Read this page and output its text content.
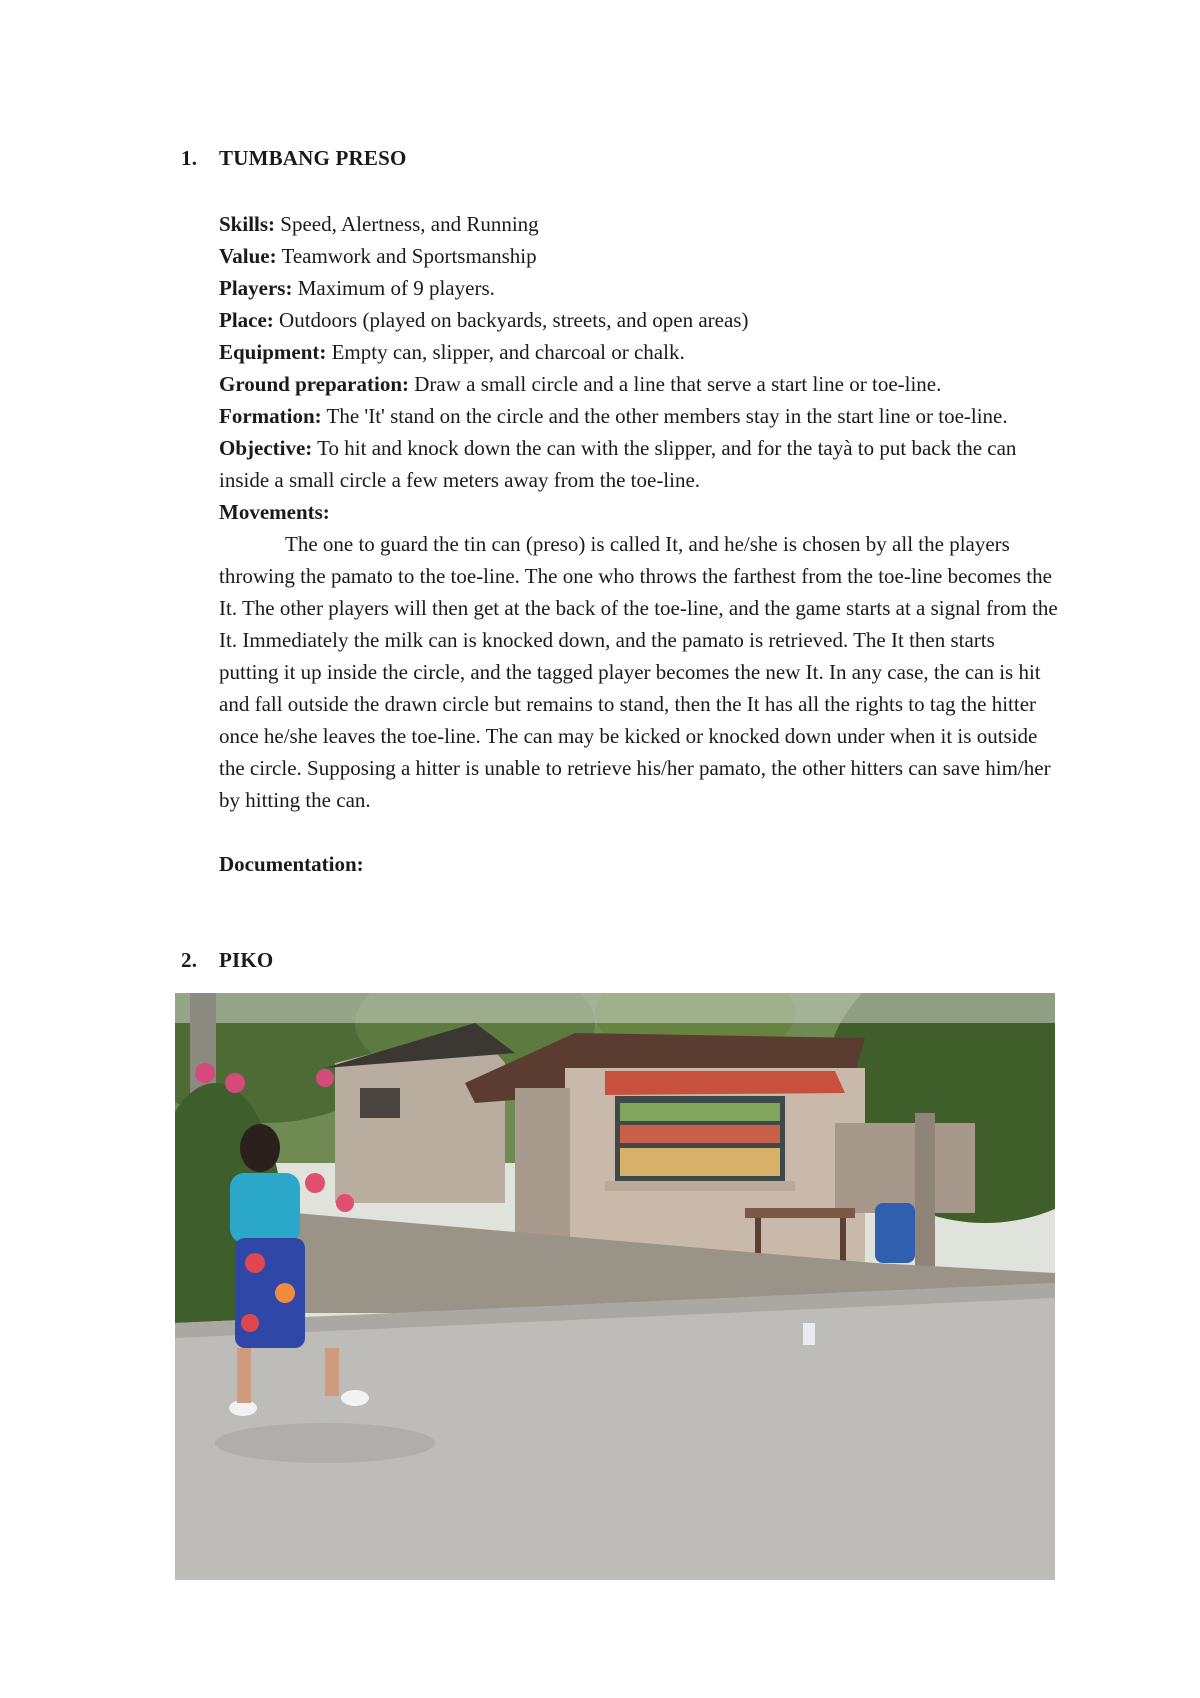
1. TUMBANG PRESO

Skills: Speed, Alertness, and Running

Value: Teamwork and Sportsmanship

Players: Maximum of 9 players.

Place: Outdoors (played on backyards, streets, and open areas)

Equipment: Empty can, slipper, and charcoal or chalk.

Ground preparation: Draw a small circle and a line that serve a start line or toe-line.

Formation: The 'It' stand on the circle and the other members stay in the start line or toe-line.

Objective: To hit and knock down the can with the slipper, and for the tayà to put back the can inside a small circle a few meters away from the toe-line.

Movements:

The one to guard the tin can (preso) is called It, and he/she is chosen by all the players throwing the pamato to the toe-line. The one who throws the farthest from the toe-line becomes the It. The other players will then get at the back of the toe-line, and the game starts at a signal from the It. Immediately the milk can is knocked down, and the pamato is retrieved. The It then starts putting it up inside the circle, and the tagged player becomes the new It. In any case, the can is hit and fall outside the drawn circle but remains to stand, then the It has all the rights to tag the hitter once he/she leaves the toe-line. The can may be kicked or knocked down under when it is outside the circle. Supposing a hitter is unable to retrieve his/her pamato, the other hitters can save him/her by hitting the can.

Documentation:

2. PIKO
